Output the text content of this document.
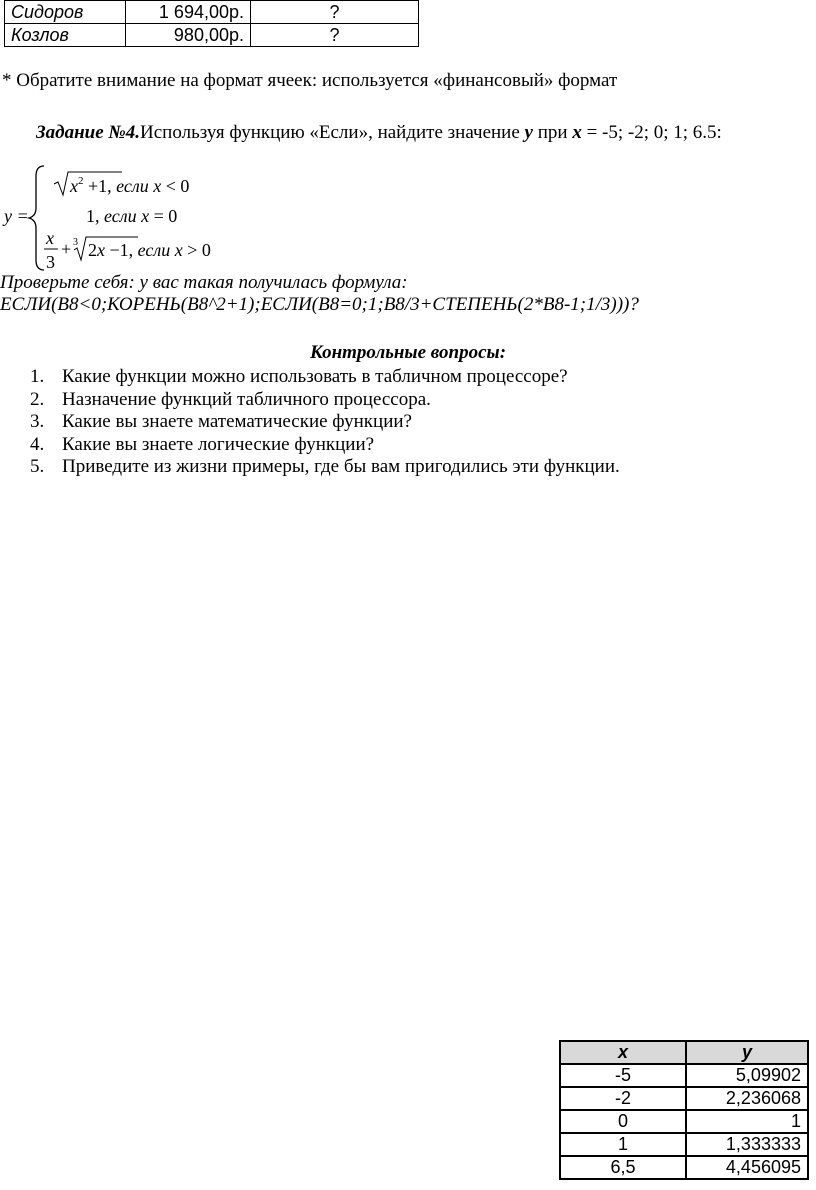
Сидоров	1 694,00р.	?
Козлов	980,00р.	?
* Обратите внимание на формат ячеек: используется «финансовый» формат
Задание №4.Используя функцию «Если», найдите значение y при x = -5; -2; 0; 1; 6.5:
y =
$x^2 +1$, если x < 0
1, если x = 0
x
3
+ 3 2x −1, если x > 0
Проверьте себя: у вас такая получилась формула:
ЕСЛИ(B8<0;КОРЕНЬ(B8^2+1);ЕСЛИ(B8=0;1;B8/3+СТЕПЕНЬ(2*B8-1;1/3)))?
Контрольные вопросы:
1. Какие функции можно использовать в табличном процессоре?
2. Назначение функций табличного процессора.
3. Какие вы знаете математические функции?
4. Какие вы знаете логические функции?
5. Приведите из жизни примеры, где бы вам пригодились эти функции.
x	y
-5	5,09902
-2	2,236068
0	1
1	1,333333
6,5	4,456095
